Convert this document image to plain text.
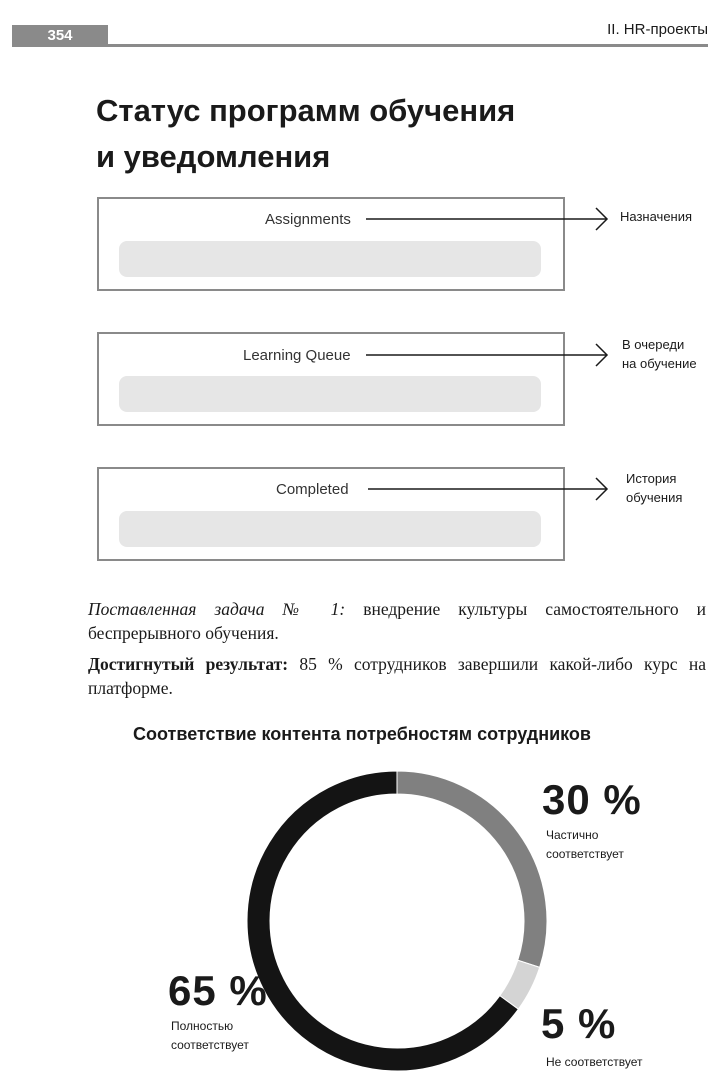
354	II. HR-проекты
Статус программ обучения
и уведомления
Assignments
Learning Queue
Completed
Назначения
В очереди
на обучение
История
обучения

Поставленная задача № 1: внедрение культуры самостоятельного и беспрерывного обучения.

Достигнутый результат: 85 % сотрудников завершили какой-либо курс на платформе.

Соответствие контента потребностям сотрудников
30 %
Частично
соответствует
65 %
Полностью
соответствует	5 %
Не соответствует
